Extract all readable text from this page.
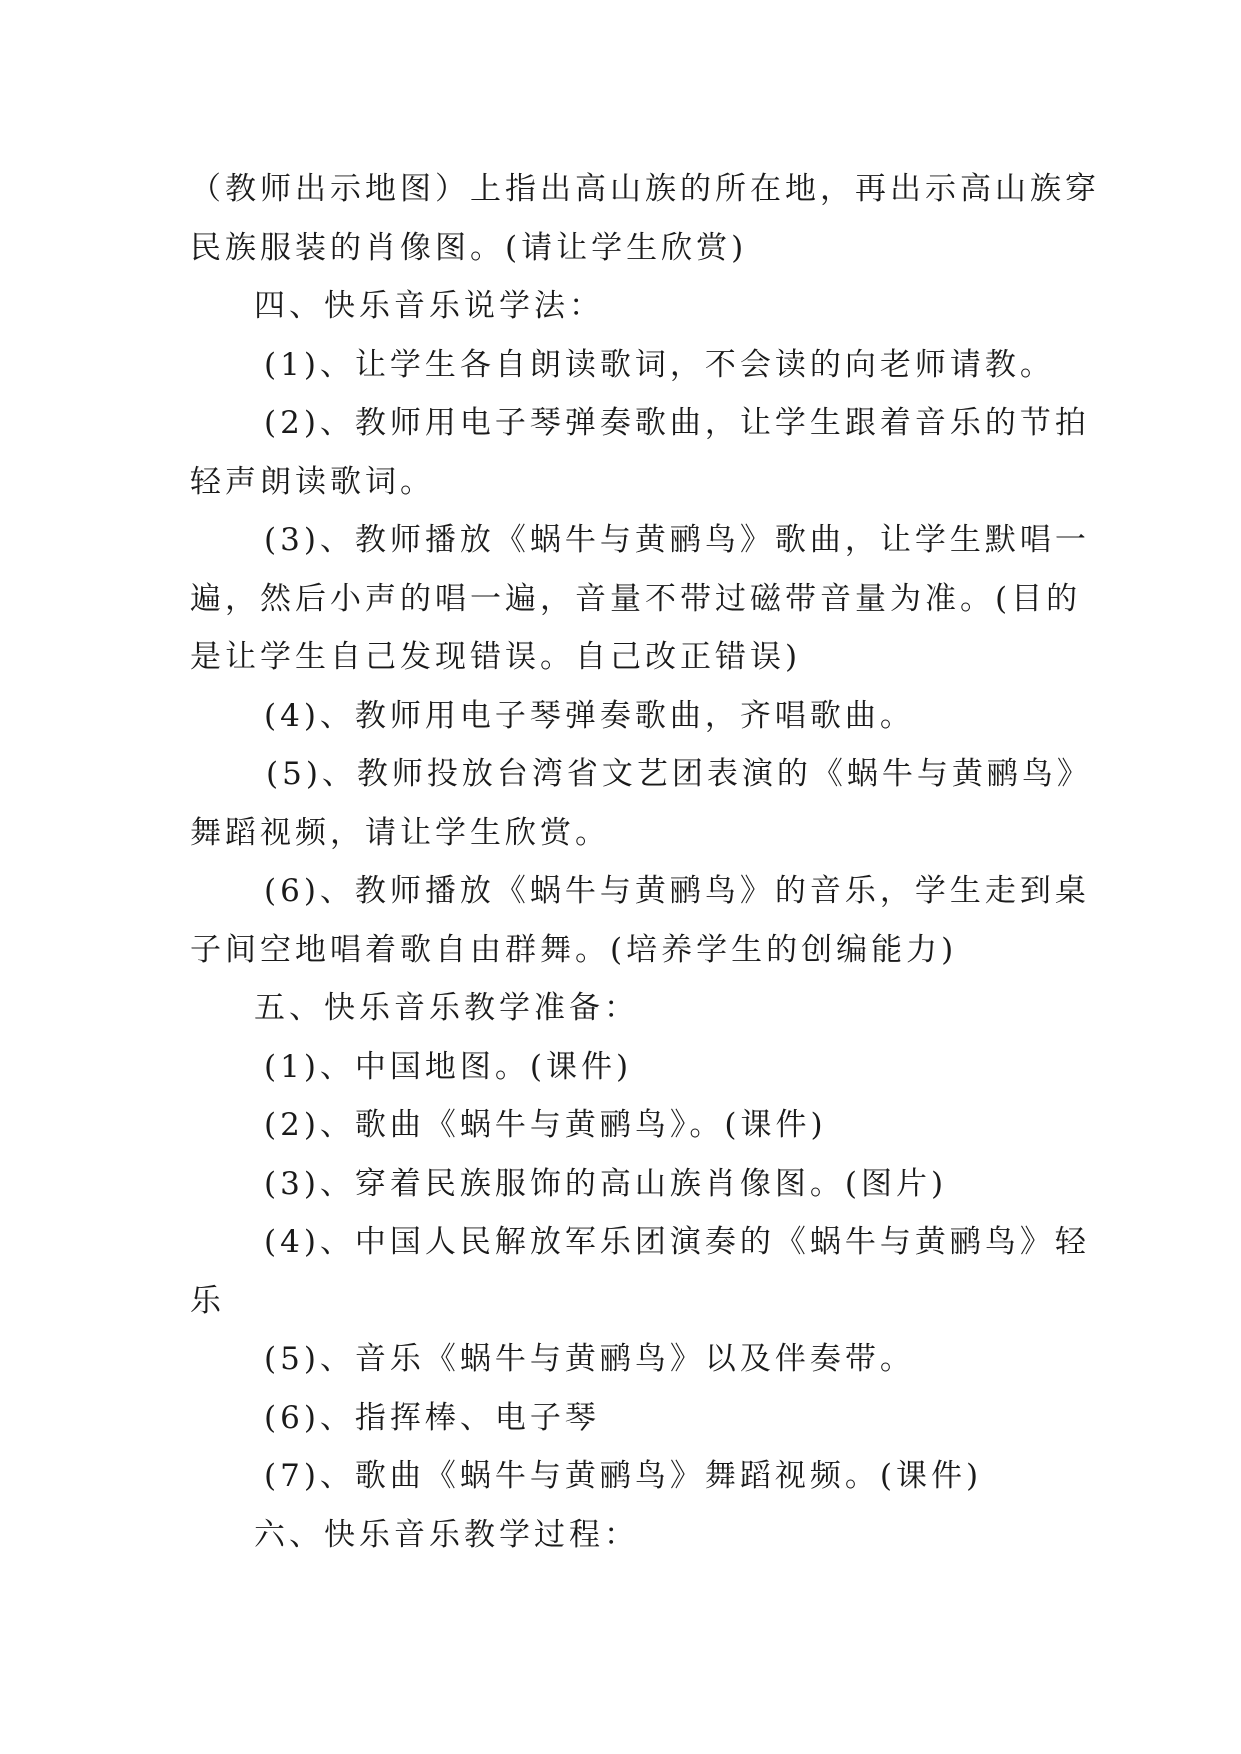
（教师出示地图）上指出高山族的所在地，再出示高山族穿
民族服装的肖像图。(请让学生欣赏)
四、快乐音乐说学法：
(1)、让学生各自朗读歌词，不会读的向老师请教。
(2)、教师用电子琴弹奏歌曲，让学生跟着音乐的节拍
轻声朗读歌词。
(3)、教师播放《蜗牛与黄鹂鸟》歌曲，让学生默唱一
遍，然后小声的唱一遍，音量不带过磁带音量为准。(目的
是让学生自己发现错误。自己改正错误)
(4)、教师用电子琴弹奏歌曲，齐唱歌曲。
(5)、教师投放台湾省文艺团表演的《蜗牛与黄鹂鸟》
舞蹈视频，请让学生欣赏。
(6)、教师播放《蜗牛与黄鹂鸟》的音乐，学生走到桌
子间空地唱着歌自由群舞。(培养学生的创编能力)
五、快乐音乐教学准备：
(1)、中国地图。(课件)
(2)、歌曲《蜗牛与黄鹂鸟》。(课件)
(3)、穿着民族服饰的高山族肖像图。(图片)
(4)、中国人民解放军乐团演奏的《蜗牛与黄鹂鸟》轻
乐
(5)、音乐《蜗牛与黄鹂鸟》以及伴奏带。
(6)、指挥棒、电子琴
(7)、歌曲《蜗牛与黄鹂鸟》舞蹈视频。(课件)
六、快乐音乐教学过程：
